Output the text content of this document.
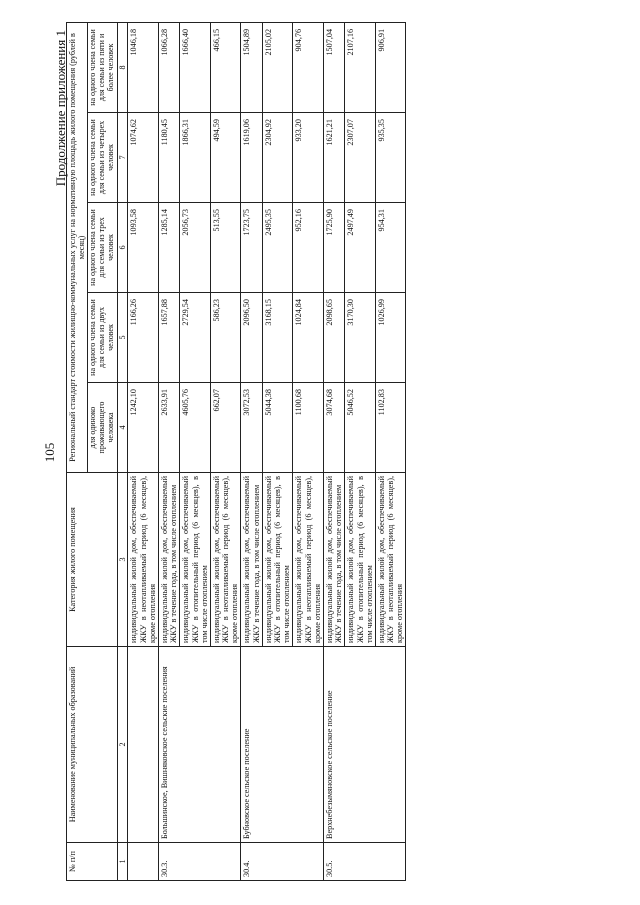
105
Продолжение приложения 1
№ п/п	Наименование муниципальных образований	Категория жилого помещения	Региональный стандарт стоимости жилищно-коммунальных услуг на нормативную площадь жилого помещения (рублей в месяц)				
			для одиноко проживающего человека	на одного члена семьи для семьи из двух человек	на одного члена семьи для семьи из трех человек	на одного члена семьи для семьи из четырех человек	на одного члена семьи для семьи из пяти и более человек
1	2	3	4	5	6	7	8
		индивидуальный жилой дом, обеспечиваемый ЖКУ в неотапливаемый период (6 месяцев), кроме отопления	1242,10	1166,26	1093,58	1074,62	1046,18
30.3.	Большинское, Вишняковское сельские поселения	индивидуальный жилой дом, обеспечиваемый ЖКУ в течение года, в том числе отоплением	2633,91	1657,88	1285,14	1180,45	1066,28
		индивидуальный жилой дом, обеспечиваемый ЖКУ в отопительный период (6 месяцев), в том числе отоплением	4605,76	2729,54	2056,73	1866,31	1666,40
		индивидуальный жилой дом, обеспечиваемый ЖКУ в неотапливаемый период (6 месяцев), кроме отопления	662,07	586,23	513,55	494,59	466,15
30.4.	Бубновское сельское поселение	индивидуальный жилой дом, обеспечиваемый ЖКУ в течение года, в том числе отоплением	3072,53	2096,50	1723,75	1619,06	1504,89
		индивидуальный жилой дом, обеспечиваемый ЖКУ в отопительный период (6 месяцев), в том числе отоплением	5044,38	3168,15	2495,35	2304,92	2105,02
		индивидуальный жилой дом, обеспечиваемый ЖКУ в неотапливаемый период (6 месяцев), кроме отопления	1100,68	1024,84	952,16	933,20	904,76
30.5.	Верхнебезымяновское сельское поселение	индивидуальный жилой дом, обеспечиваемый ЖКУ в течение года, в том числе отоплением	3074,68	2098,65	1725,90	1621,21	1507,04
		индивидуальный жилой дом, обеспечиваемый ЖКУ в отопительный период (6 месяцев), в том числе отоплением	5046,52	3170,30	2497,49	2307,07	2107,16
		индивидуальный жилой дом, обеспечиваемый ЖКУ в неотапливаемый период (6 месяцев), кроме отопления	1102,83	1026,99	954,31	935,35	906,91
